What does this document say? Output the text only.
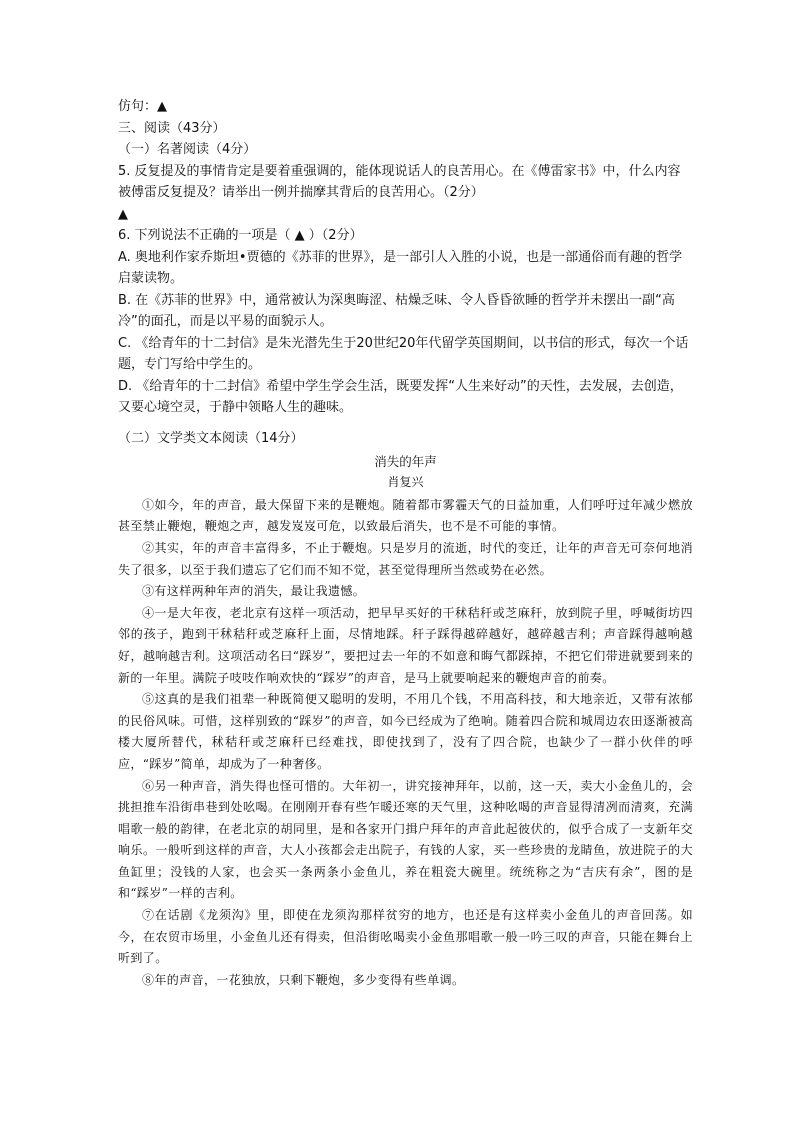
仿句：▲

三、阅读（43分）

（一）名著阅读（4分）

5. 反复提及的事情肯定是要着重强调的，能体现说话人的良苦用心。在《傅雷家书》中，什么内容被傅雷反复提及？请举出一例并揣摩其背后的良苦用心。（2分）

▲

6. 下列说法不正确的一项是（ ▲ ）（2分）

A. 奥地利作家乔斯坦•贾德的《苏菲的世界》，是一部引人入胜的小说，也是一部通俗而有趣的哲学启蒙读物。

B. 在《苏菲的世界》中，通常被认为深奥晦涩、枯燥乏味、令人昏昏欲睡的哲学并未摆出一副“高冷”的面孔，而是以平易的面貌示人。

C. 《给青年的十二封信》是朱光潜先生于20世纪20年代留学英国期间，以书信的形式，每次一个话题，专门写给中学生的。

D. 《给青年的十二封信》希望中学生学会生活，既要发挥“人生来好动”的天性，去发展，去创造，又要心境空灵，于静中领略人生的趣味。

（二）文学类文本阅读（14分）

消失的年声

肖复兴

①如今，年的声音，最大保留下来的是鞭炮。随着都市雾霾天气的日益加重，人们呼吁过年减少燃放甚至禁止鞭炮，鞭炮之声，越发岌岌可危，以致最后消失，也不是不可能的事情。

②其实，年的声音丰富得多，不止于鞭炮。只是岁月的流逝，时代的变迁，让年的声音无可奈何地消失了很多，以至于我们遗忘了它们而不知不觉，甚至觉得理所当然或势在必然。

③有这样两种年声的消失，最让我遗憾。

④一是大年夜，老北京有这样一项活动，把早早买好的干秫秸秆或芝麻秆，放到院子里，呼喊街坊四邻的孩子，跑到干秫秸秆或芝麻秆上面，尽情地踩。秆子踩得越碎越好，越碎越吉利；声音踩得越响越好，越响越吉利。这项活动名曰“踩岁”，要把过去一年的不如意和晦气都踩掉，不把它们带进就要到来的新的一年里。满院子吱吱作响欢快的“踩岁”的声音，是马上就要响起来的鞭炮声音的前奏。

⑤这真的是我们祖辈一种既简便又聪明的发明，不用几个钱，不用高科技，和大地亲近，又带有浓郁的民俗风味。可惜，这样别致的“踩岁”的声音，如今已经成为了绝响。随着四合院和城周边农田逐渐被高楼大厦所替代，秫秸秆或芝麻秆已经难找，即使找到了，没有了四合院，也缺少了一群小伙伴的呼应，“踩岁”简单，却成为了一种奢侈。

⑥另一种声音，消失得也怪可惜的。大年初一，讲究接神拜年，以前，这一天，卖大小金鱼儿的，会挑担推车沿街串巷到处吆喝。在刚刚开春有些乍暖还寒的天气里，这种吆喝的声音显得清冽而清爽，充满唱歌一般的韵律，在老北京的胡同里，是和各家开门揖户拜年的声音此起彼伏的，似乎合成了一支新年交响乐。一般听到这样的声音，大人小孩都会走出院子，有钱的人家，买一些珍贵的龙睛鱼，放进院子的大鱼缸里；没钱的人家，也会买一条两条小金鱼儿，养在粗瓷大碗里。统统称之为“吉庆有余”，图的是和“踩岁”一样的吉利。

⑦在话剧《龙须沟》里，即使在龙须沟那样贫穷的地方，也还是有这样卖小金鱼儿的声音回荡。如今，在农贸市场里，小金鱼儿还有得卖，但沿街吆喝卖小金鱼那唱歌一般一吟三叹的声音，只能在舞台上听到了。

⑧年的声音，一花独放，只剩下鞭炮，多少变得有些单调。
